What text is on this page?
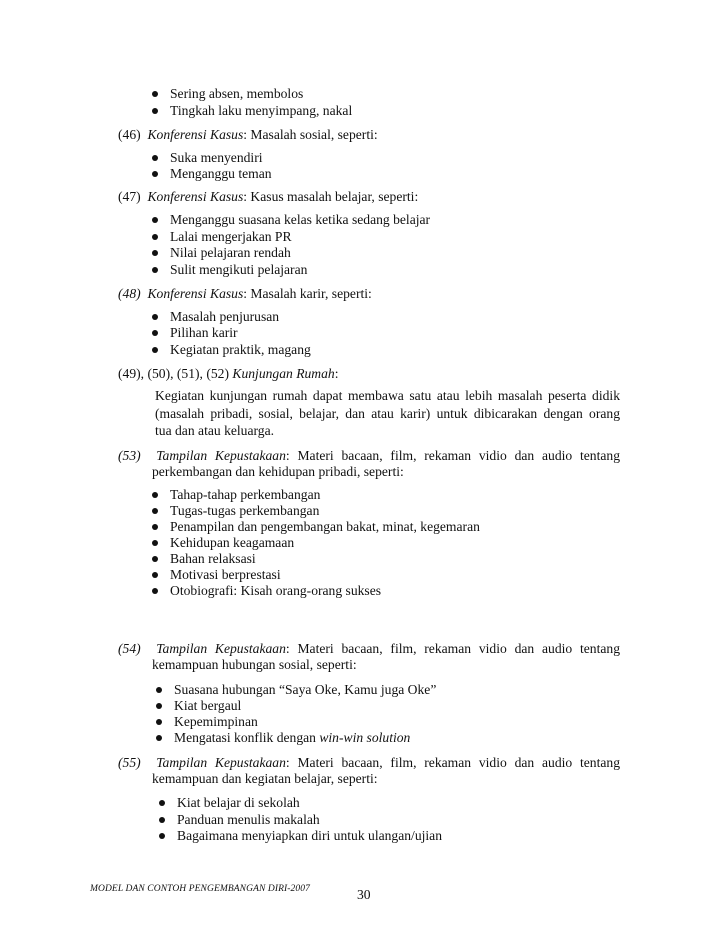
Sering absen, membolos
Tingkah laku menyimpang, nakal
(46) Konferensi Kasus: Masalah sosial, seperti:
Suka menyendiri
Menganggu teman
(47) Konferensi Kasus: Kasus masalah belajar, seperti:
Menganggu suasana kelas ketika sedang belajar
Lalai mengerjakan PR
Nilai pelajaran rendah
Sulit mengikuti pelajaran
(48) Konferensi Kasus: Masalah karir, seperti:
Masalah penjurusan
Pilihan karir
Kegiatan praktik, magang
(49), (50), (51), (52) Kunjungan Rumah:
Kegiatan kunjungan rumah dapat membawa satu atau lebih masalah peserta didik
(masalah pribadi, sosial, belajar, dan atau karir) untuk dibicarakan dengan orang
tua dan atau keluarga.
(53) Tampilan Kepustakaan: Materi bacaan, film, rekaman vidio dan audio tentang
perkembangan dan kehidupan pribadi, seperti:
Tahap-tahap perkembangan
Tugas-tugas perkembangan
Penampilan dan pengembangan bakat, minat, kegemaran
Kehidupan keagamaan
Bahan relaksasi
Motivasi berprestasi
Otobiografi: Kisah orang-orang sukses
(54) Tampilan Kepustakaan: Materi bacaan, film, rekaman vidio dan audio tentang
kemampuan hubungan sosial, seperti:
Suasana hubungan “Saya Oke, Kamu juga Oke”
Kiat bergaul
Kepemimpinan
Mengatasi konflik dengan win-win solution
(55) Tampilan Kepustakaan: Materi bacaan, film, rekaman vidio dan audio tentang
kemampuan dan kegiatan belajar, seperti:
Kiat belajar di sekolah
Panduan menulis makalah
Bagaimana menyiapkan diri untuk ulangan/ujian
MODEL DAN CONTOH PENGEMBANGAN DIRI-2007	30
